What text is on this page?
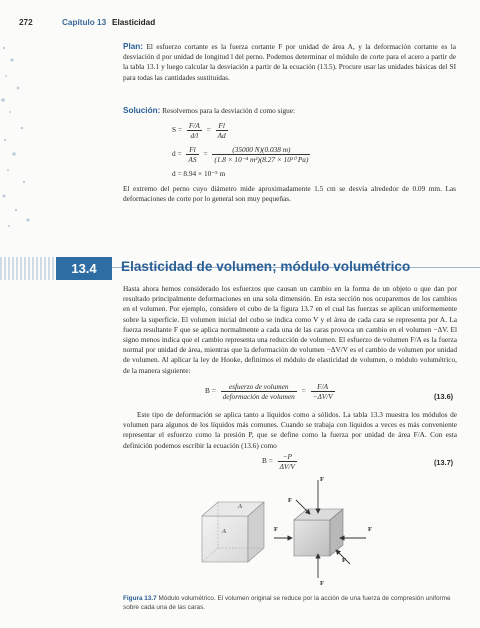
272	Capítulo 13 Elasticidad
Plan: El esfuerzo cortante es la fuerza cortante F por unidad de área A, y la deformación cortante es la desviación d por unidad de longitud l del perno. Podemos determinar el módulo de corte para el acero a partir de la tabla 13.1 y luego calcular la desviación a partir de la ecuación (13.5). Procure usar las unidades básicas del SI para todas las cantidades sustituidas.
Solución: Resolvemos para la desviación d como sigue:
$S = \frac{F/A}{d/l} = \frac{Fl}{Ad}$
$d = \frac{Fl}{AS} = \frac{(35000 N)(0.038 m)}{\text{(1.8 × 10⁻⁴ m²)(8.27 × 10¹⁰ Pa)}}$
d = 8.94 × 10⁻⁵ m
El extremo del perno cuyo diámetro mide aproximadamente 1.5 cm se desvía alrededor de 0.09 mm. Las deformaciones de corte por lo general son muy pequeñas.
13.4	Elasticidad de volumen; módulo volumétrico
Hasta ahora hemos considerado los esfuerzos que causan un cambio en la forma de un objeto o que dan por resultado principalmente deformaciones en una sola dimensión. En esta sección nos ocuparemos de los cambios en el volumen. Por ejemplo, considere el cubo de la figura 13.7 en el cual las fuerzas se aplican uniformemente sobre la superficie. El volumen inicial del cubo se indica como V y el área de cada cara se representa por A. La fuerza resultante F que se aplica normalmente a cada una de las caras provoca un cambio en el volumen −ΔV. El signo menos indica que el cambio representa una reducción de volumen. El esfuerzo de volumen F/A es la fuerza normal por unidad de área, mientras que la deformación de volumen −ΔV/V es el cambio de volumen por unidad de volumen. Al aplicar la ley de Hooke, definimos el módulo de elasticidad de volumen, o módulo volumétrico, de la manera siguiente:
$B = \frac{\text{esfuerzo de volumen}}{\text{deformación de volumen}} = \frac{F/A}{-\Delta V/V}$	(13.6)
Este tipo de deformación se aplica tanto a líquidos como a sólidos. La tabla 13.3 muestra los módulos de volumen para algunos de los líquidos más comunes. Cuando se trabaja con líquidos a veces es más conveniente representar el esfuerzo como la presión P, que se define como la fuerza por unidad de área F/A. Con esta definición podemos escribir la ecuación (13.6) como
$B = \frac{-P}{\Delta V/V}$	(13.7)
A
A
F
F
F	F
F
F
Figura 13.7 Módulo volumétrico. El volumen original se reduce por la acción de una fuerza de compresión uniforme sobre cada una de las caras.
